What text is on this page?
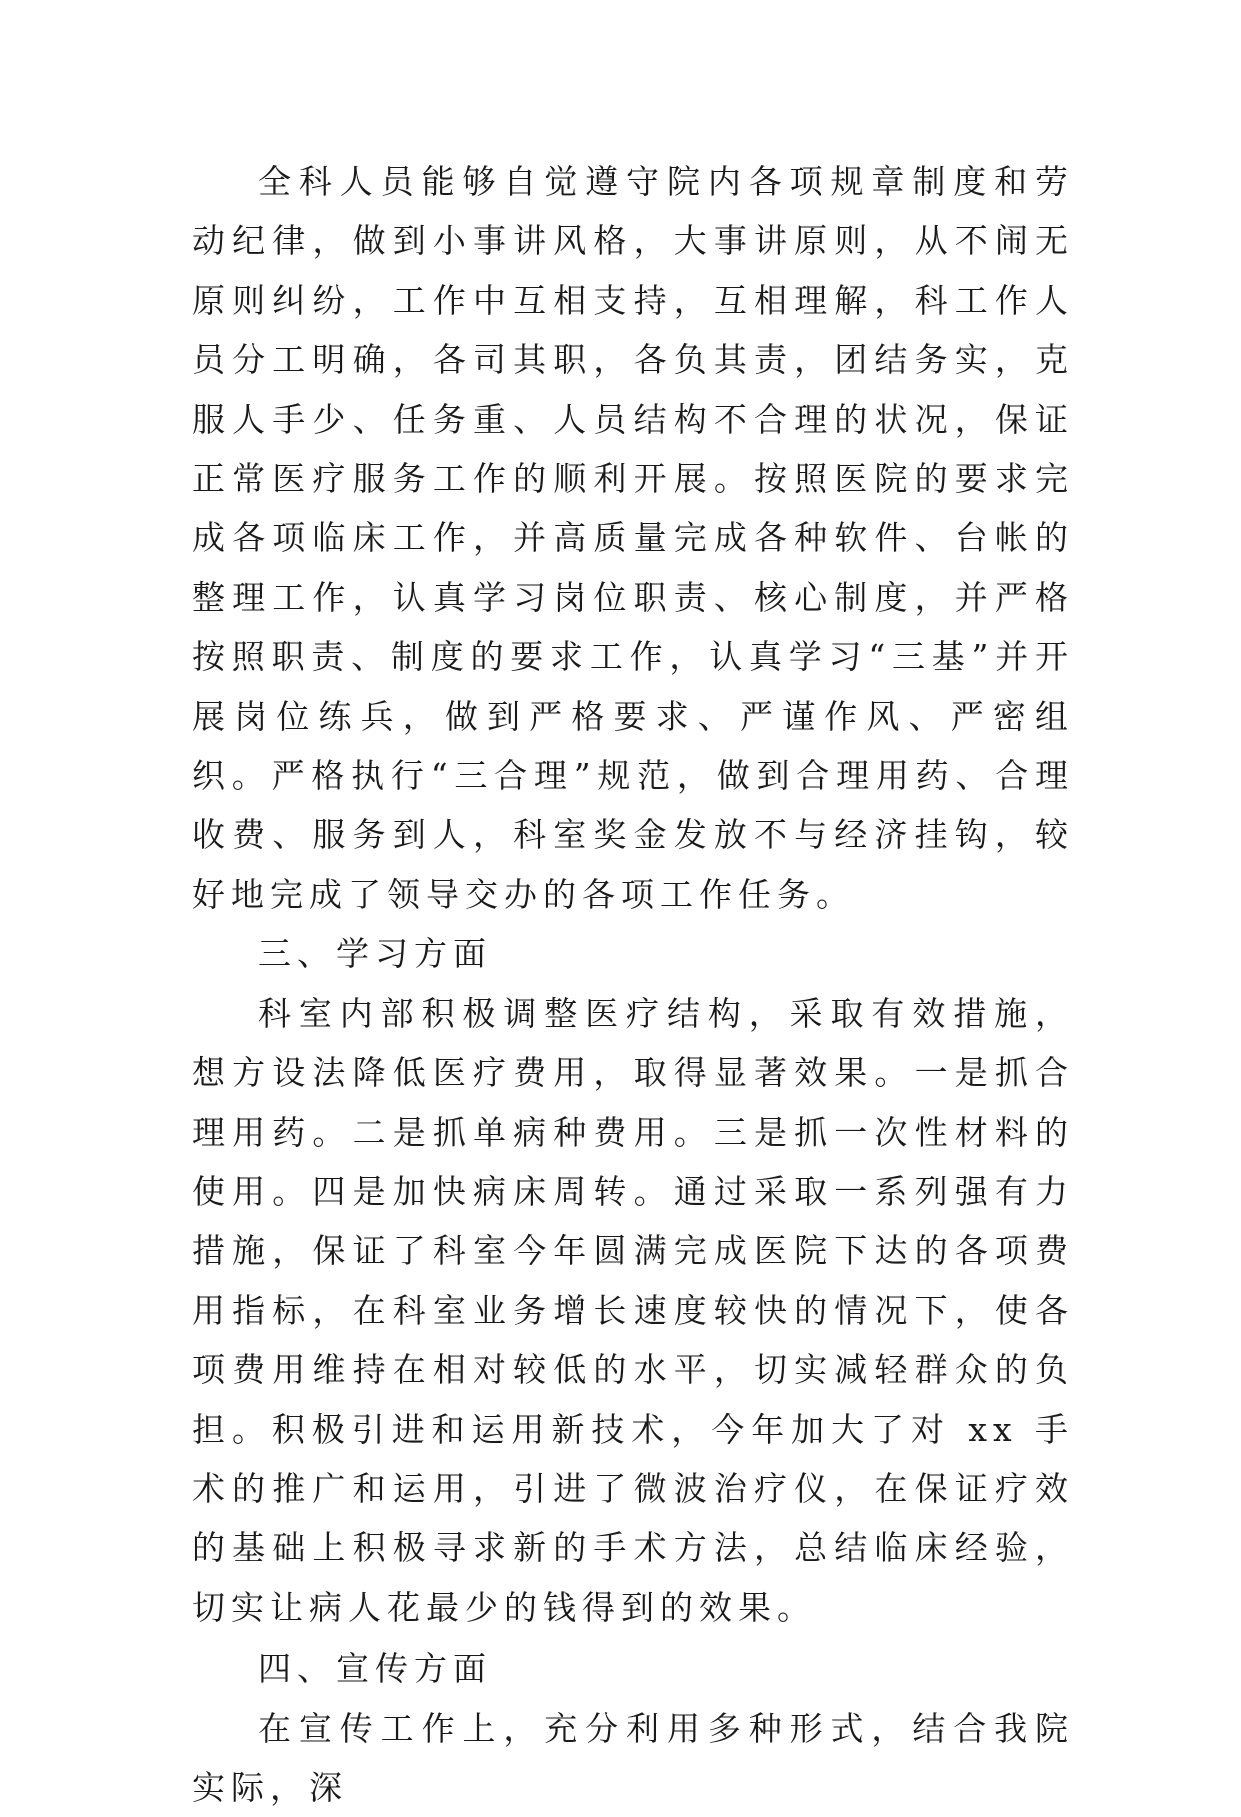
全科人员能够自觉遵守院内各项规章制度和劳动纪律，做到小事讲风格，大事讲原则，从不闹无原则纠纷，工作中互相支持，互相理解，科工作人员分工明确，各司其职，各负其责，团结务实，克服人手少、任务重、人员结构不合理的状况，保证正常医疗服务工作的顺利开展。按照医院的要求完成各项临床工作，并高质量完成各种软件、台帐的整理工作，认真学习岗位职责、核心制度，并严格按照职责、制度的要求工作，认真学习“三基”并开展岗位练兵，做到严格要求、严谨作风、严密组织。严格执行“三合理”规范，做到合理用药、合理收费、服务到人，科室奖金发放不与经济挂钩，较好地完成了领导交办的各项工作任务。

三、学习方面

科室内部积极调整医疗结构，采取有效措施，想方设法降低医疗费用，取得显著效果。一是抓合理用药。二是抓单病种费用。三是抓一次性材料的使用。四是加快病床周转。通过采取一系列强有力措施，保证了科室今年圆满完成医院下达的各项费用指标，在科室业务增长速度较快的情况下，使各项费用维持在相对较低的水平，切实减轻群众的负担。积极引进和运用新技术，今年加大了对 xx 手术的推广和运用，引进了微波治疗仪，在保证疗效的基础上积极寻求新的手术方法，总结临床经验，切实让病人花最少的钱得到的效果。

四、宣传方面

在宣传工作上，充分利用多种形式，结合我院实际，深
